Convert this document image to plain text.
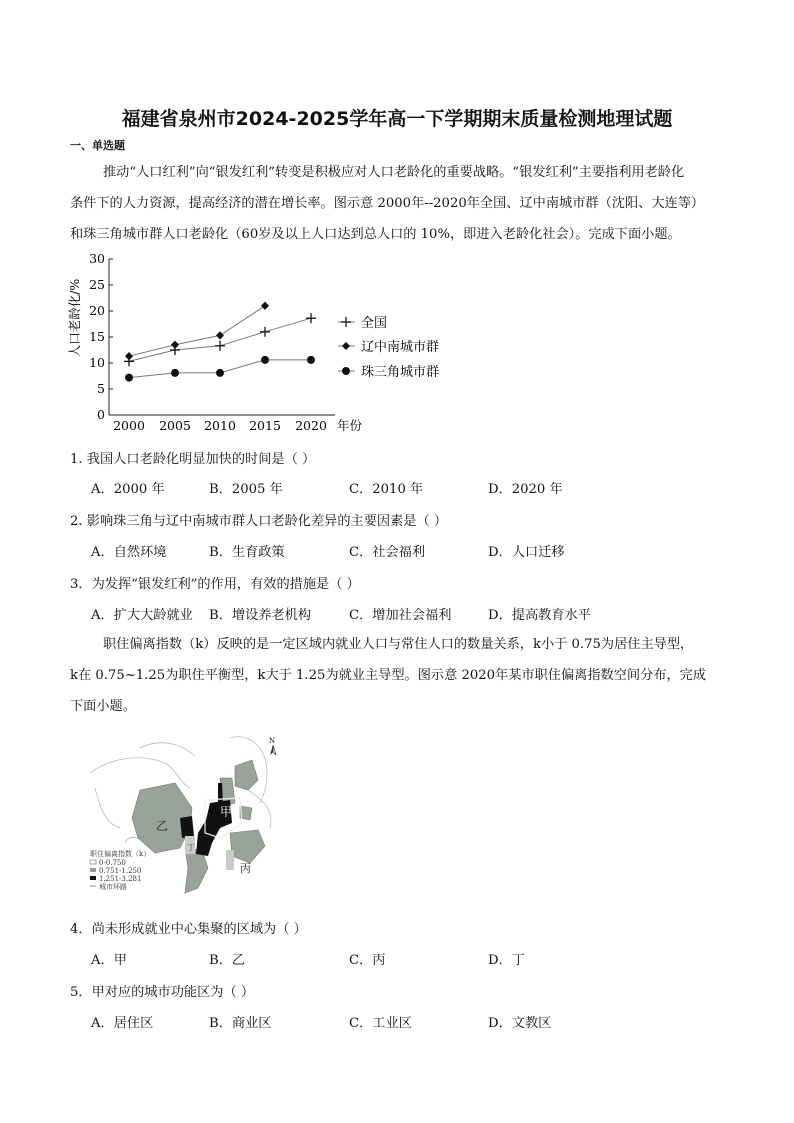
福建省泉州市2024-2025学年高一下学期期末质量检测地理试题
一、单选题
推动“人口红利”向“银发红利”转变是积极应对人口老龄化的重要战略。“银发红利”主要指利用老龄化
条件下的人力资源，提高经济的潜在增长率。图示意 2000年--2020年全国、辽中南城市群（沈阳、大连等）
和珠三角城市群人口老龄化（60岁及以上人口达到总人口的 10%，即进入老龄化社会）。完成下面小题。
人口老龄化/%
30
25
20
15
10
5
0
2000 2005 2010 2015 2020 年份
全国
辽中南城市群
珠三角城市群
1. 我国人口老龄化明显加快的时间是（ ）
A．2000 年	B．2005 年	C．2010 年	D．2020 年
2. 影响珠三角与辽中南城市群人口老龄化差异的主要因素是（ ）
A．自然环境	B．生育政策	C．社会福利	D．人口迁移
3．为发挥“银发红利”的作用，有效的措施是（ ）
A．扩大大龄就业 B．增设养老机构	C．增加社会福利	D．提高教育水平
职住偏离指数（k）反映的是一定区域内就业人口与常住人口的数量关系，k小于 0.75为居住主导型，
k在 0.75~1.25为职住平衡型，k大于 1.25为就业主导型。图示意 2020年某市职住偏离指数空间分布，完成
下面小题。
甲
乙
丙
丁
N
职住偏离指数（k）
0-0.750
0.751-1.250
1.251-3.281
城市环路
4．尚未形成就业中心集聚的区域为（ ）
A．甲	B．乙	C．丙	D．丁
5．甲对应的城市功能区为（ ）
A．居住区	B．商业区	C．工业区	D．文教区
